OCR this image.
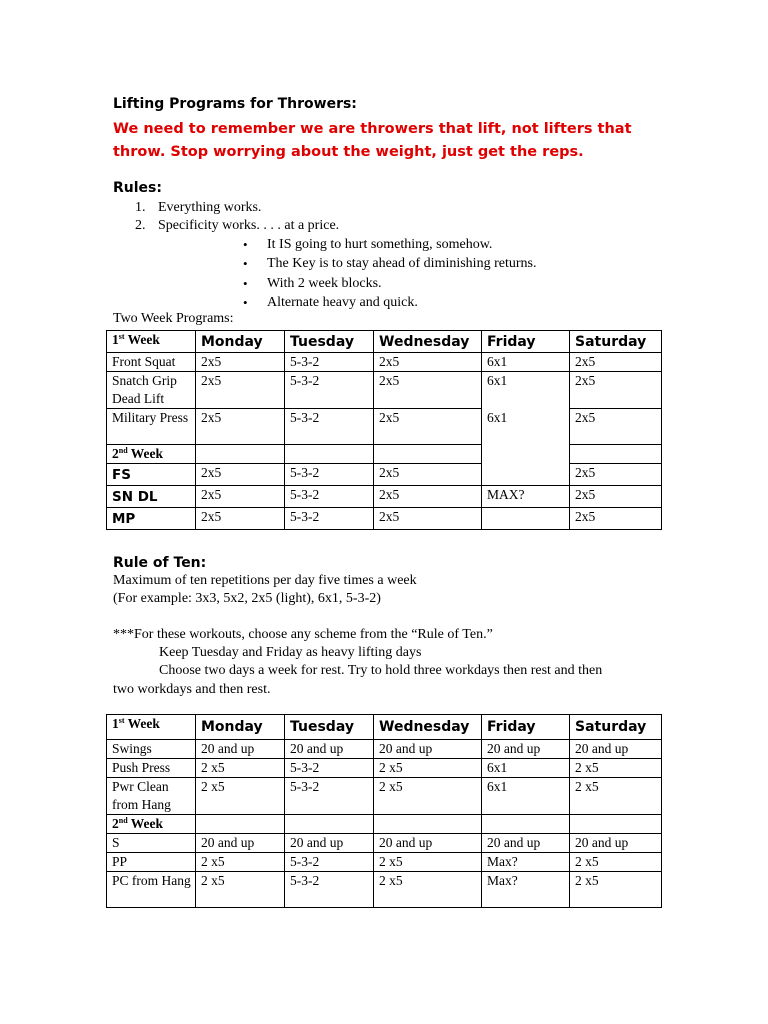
Lifting Programs for Throwers:
We need to remember we are throwers that lift, not lifters that throw. Stop worrying about the weight, just get the reps.
Rules:
1. Everything works.
2. Specificity works. . . . at a price.
• It IS going to hurt something, somehow.
• The Key is to stay ahead of diminishing returns.
• With 2 week blocks.
• Alternate heavy and quick.
Two Week Programs:
1st Week	Monday	Tuesday	Wednesday	Friday	Saturday
Front Squat	2x5	5-3-2	2x5	6x1	2x5
Snatch Grip Dead Lift	2x5	5-3-2	2x5	6x1	2x5
Military Press	2x5	5-3-2	2x5	6x1	2x5
2nd Week					
FS	2x5	5-3-2	2x5		2x5
SN DL	2x5	5-3-2	2x5	MAX?	2x5
MP	2x5	5-3-2	2x5		2x5
Rule of Ten:
Maximum of ten repetitions per day five times a week
(For example: 3x3, 5x2, 2x5 (light), 6x1, 5-3-2)
***For these workouts, choose any scheme from the “Rule of Ten.”
Keep Tuesday and Friday as heavy lifting days
Choose two days a week for rest. Try to hold three workdays then rest and then
two workdays and then rest.
1st Week	Monday	Tuesday	Wednesday	Friday	Saturday
Swings	20 and up	20 and up	20 and up	20 and up	20 and up
Push Press	2 x5	5-3-2	2 x5	6x1	2 x5
Pwr Clean from Hang	2 x5	5-3-2	2 x5	6x1	2 x5
2nd Week					
S	20 and up	20 and up	20 and up	20 and up	20 and up
PP	2 x5	5-3-2	2 x5	Max?	2 x5
PC from Hang	2 x5	5-3-2	2 x5	Max?	2 x5
